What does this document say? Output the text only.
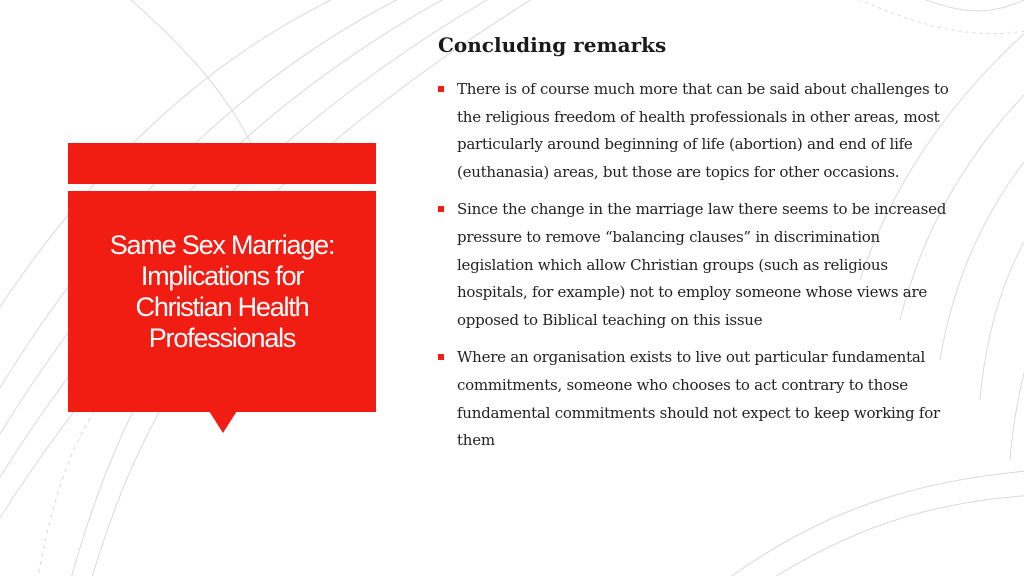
Same Sex Marriage: Implications for Christian Health Professionals
Concluding remarks
There is of course much more that can be said about challenges to the religious freedom of health professionals in other areas, most particularly around beginning of life (abortion) and end of life (euthanasia) areas, but those are topics for other occasions.
Since the change in the marriage law there seems to be increased pressure to remove “balancing clauses” in discrimination legislation which allow Christian groups (such as religious hospitals, for example) not to employ someone whose views are opposed to Biblical teaching on this issue
Where an organisation exists to live out particular fundamental commitments, someone who chooses to act contrary to those fundamental commitments should not expect to keep working for them
